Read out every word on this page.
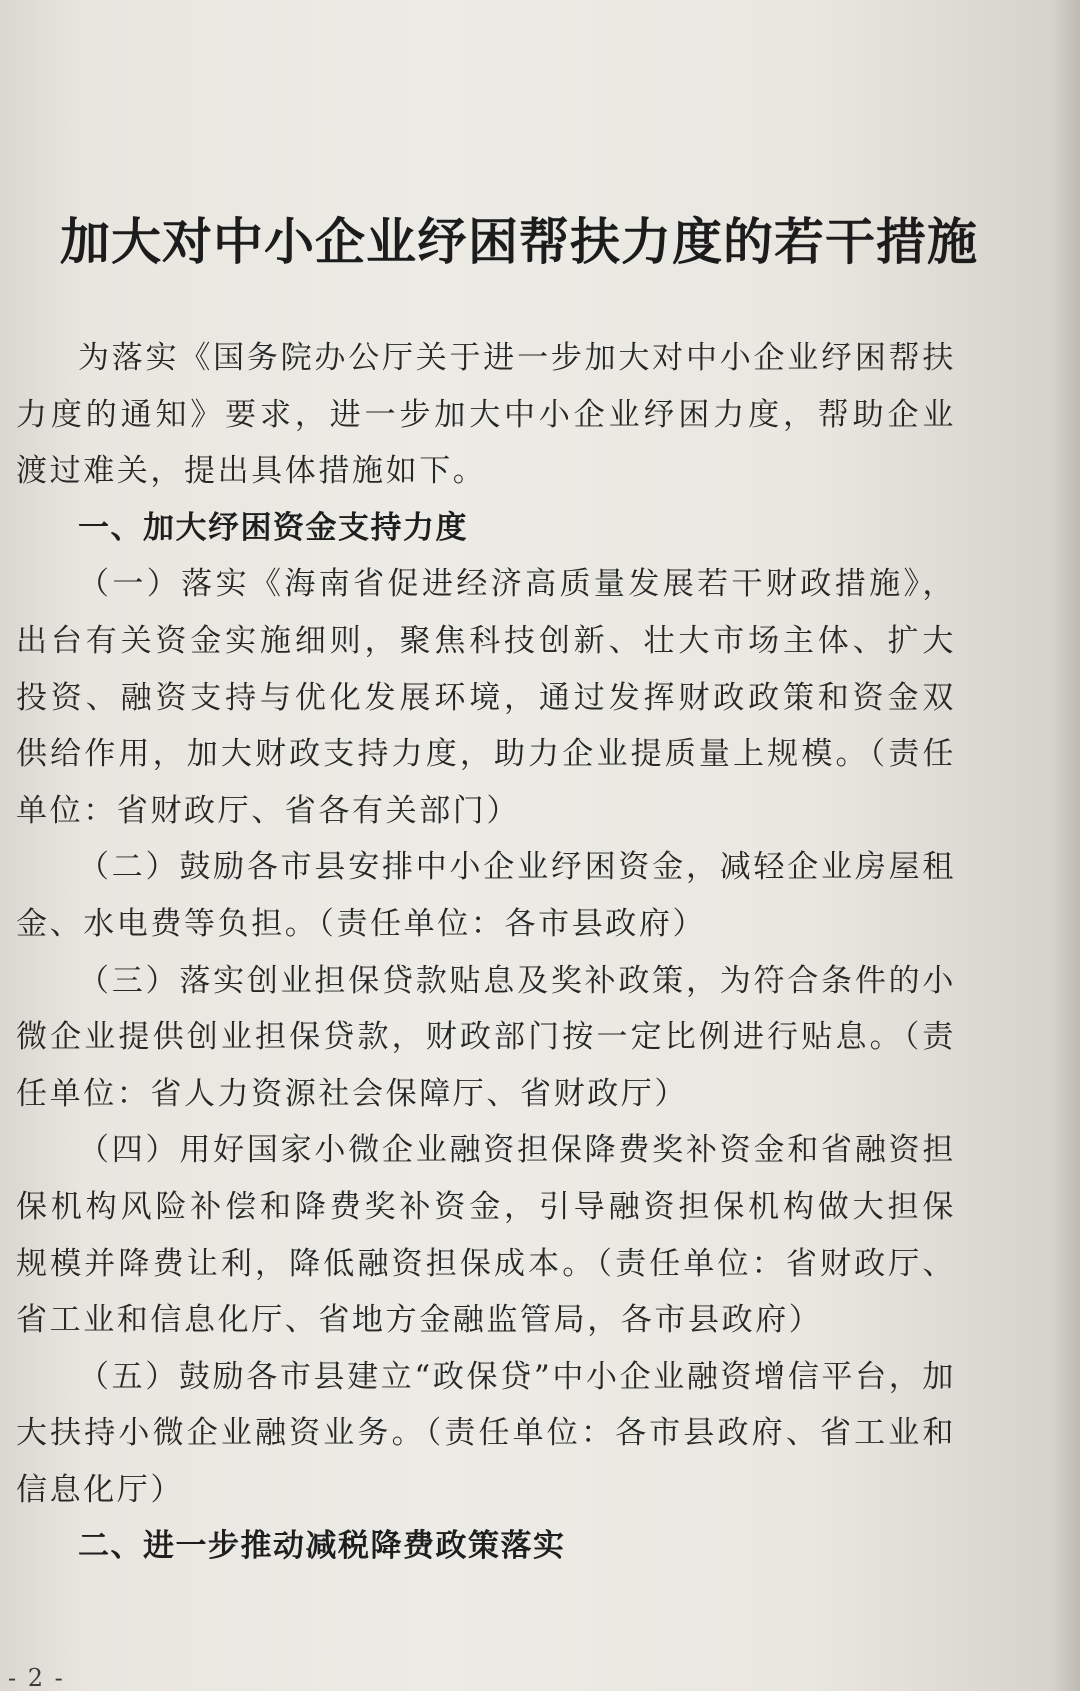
加大对中小企业纾困帮扶力度的若干措施

为落实《国务院办公厅关于进一步加大对中小企业纾困帮扶力度的通知》要求，进一步加大中小企业纾困力度，帮助企业渡过难关，提出具体措施如下。

一、加大纾困资金支持力度

（一）落实《海南省促进经济高质量发展若干财政措施》，出台有关资金实施细则，聚焦科技创新、壮大市场主体、扩大投资、融资支持与优化发展环境，通过发挥财政政策和资金双供给作用，加大财政支持力度，助力企业提质量上规模。（责任单位：省财政厅、省各有关部门）

（二）鼓励各市县安排中小企业纾困资金，减轻企业房屋租金、水电费等负担。（责任单位：各市县政府）

（三）落实创业担保贷款贴息及奖补政策，为符合条件的小微企业提供创业担保贷款，财政部门按一定比例进行贴息。（责任单位：省人力资源社会保障厅、省财政厅）

（四）用好国家小微企业融资担保降费奖补资金和省融资担保机构风险补偿和降费奖补资金，引导融资担保机构做大担保规模并降费让利，降低融资担保成本。（责任单位：省财政厅、省工业和信息化厅、省地方金融监管局，各市县政府）

（五）鼓励各市县建立“政保贷”中小企业融资增信平台，加大扶持小微企业融资业务。（责任单位：各市县政府、省工业和信息化厅）

二、进一步推动减税降费政策落实

- 2 -
